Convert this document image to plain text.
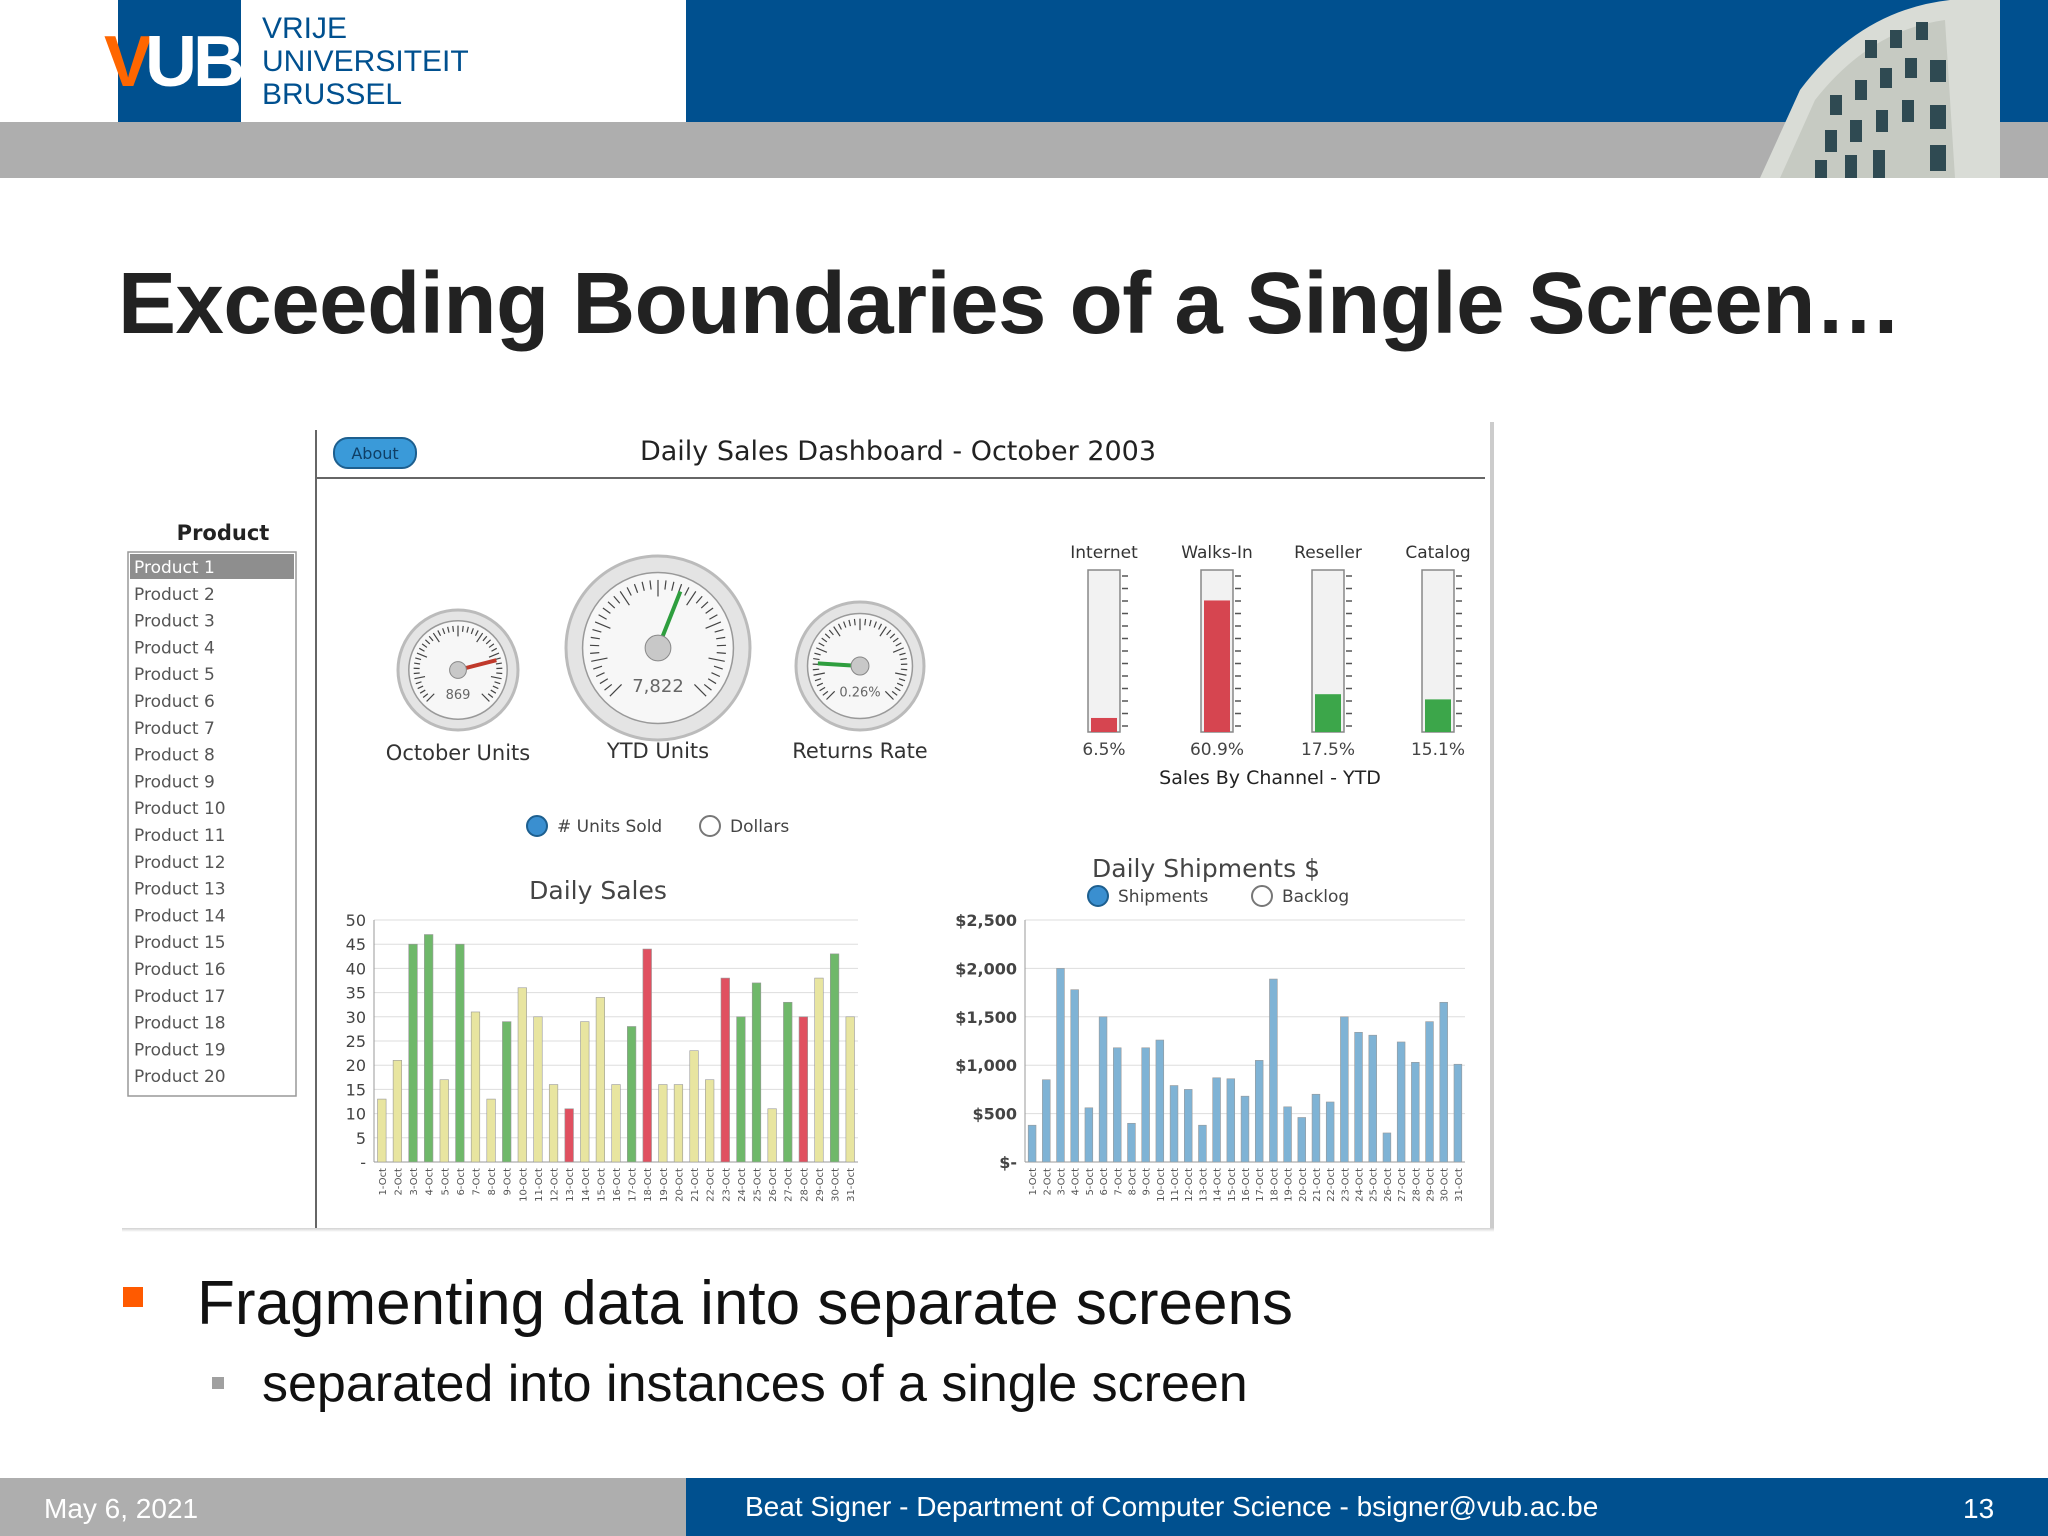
V
UB VRIJE
UNIVERSITEIT
BRUSSEL
Exceeding Boundaries of a Single Screen…
About	Daily Sales Dashboard - October 2003
Product
Product 1
Product 2
Product 3
Product 4
Product 5
Product 6
Product 7
Product 8
Product 9
Product 10
Product 11
Product 12
Product 13
Product 14
Product 15
Product 16
Product 17
Product 18
Product 19
Product 20
869
October Units
7,822
YTD Units
0.26%
Returns Rate
Internet
6.5%
Walks-In
60.9%
Reseller
17.5%
Catalog
15.1%
Sales By Channel - YTD
# Units Sold	Dollars
Shipments	Backlog
Daily Sales
50
45
40
35
30
25
20
15
10
5
-
1-Oct 2-Oct 3-Oct 4-Oct 5-Oct 6-Oct 7-Oct 8-Oct 9-Oct 10-Oct 11-Oct 12-Oct 13-Oct 14-Oct 15-Oct 16-Oct 17-Oct 18-Oct 19-Oct 20-Oct 21-Oct 22-Oct 23-Oct 24-Oct 25-Oct 26-Oct 27-Oct 28-Oct 29-Oct 30-Oct 31-Oct
Daily Shipments $
$2,500
$2,000
$1,500
$1,000
$500
$-
1-Oct 2-Oct 3-Oct 4-Oct 5-Oct 6-Oct 7-Oct 8-Oct 9-Oct 10-Oct 11-Oct 12-Oct 13-Oct 14-Oct 15-Oct 16-Oct 17-Oct 18-Oct 19-Oct 20-Oct 21-Oct 22-Oct 23-Oct 24-Oct 25-Oct 26-Oct 27-Oct 28-Oct 29-Oct 30-Oct 31-Oct
Fragmenting data into separate screens
separated into instances of a single screen
May 6, 2021	Beat Signer - Department of Computer Science - bsigner@vub.ac.be	13
